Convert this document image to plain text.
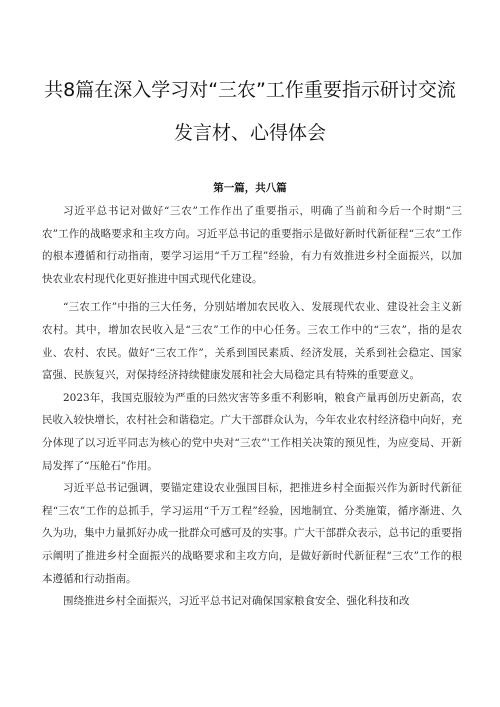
共8篇在深入学习对“三农”工作重要指示研讨交流
发言材、心得体会
第一篇，共八篇

习近平总书记对做好“三农”工作作出了重要指示，明确了当前和今后一个时期“三农”工作的战略要求和主攻方向。习近平总书记的重要指示是做好新时代新征程“三农”工作的根本遵循和行动指南，要学习运用“千万工程”经验，有力有效推进乡村全面振兴，以加快农业农村现代化更好推进中国式现代化建设。

“三农工作”中指的三大任务，分别姑增加农民收入、发展现代农业、建设社会主义新农村。其中，增加农民收入是“三农”工作的中心任务。三农工作中的“三农”，指的是农业、农村、农民。做好“三农工作”，关系到国民素质、经济发展，关系到社会稳定、国家富强、民族复兴，对保持经济持续健康发展和社会大局稳定具有特殊的重要意义。

2023年，我国克服较为严重的曰然灾害等多重不利影响，粮食产量再创历史新高，农民收入较快增长，农村社会和谐稳定。广大干部群众认为，今年农业农村经济稳中向好，充分体现了以习近平同志为核心的党中央对“三农”'工作相关决策的预见性，为应变局、开新局发挥了“压舱石”作用。

习近平总书记强调，要锚定建设农业强国目标，把推进乡村全面振兴作为新时代新征程“三农”工作的总抓手，学习运用“千万工程”经验，因地制宜、分类施策，循序渐进、久久为功，集中力量抓好办成一批群众可感可及的实事。广大干部群众表示，总书记的重要指示阐明了推进乡村全面振兴的战略要求和主攻方向，是做好新时代新征程“三农”工作的根本遵循和行动指南。

围绕推进乡村全面振兴，习近平总书记对确保国家粮食安全、强化科技和改
